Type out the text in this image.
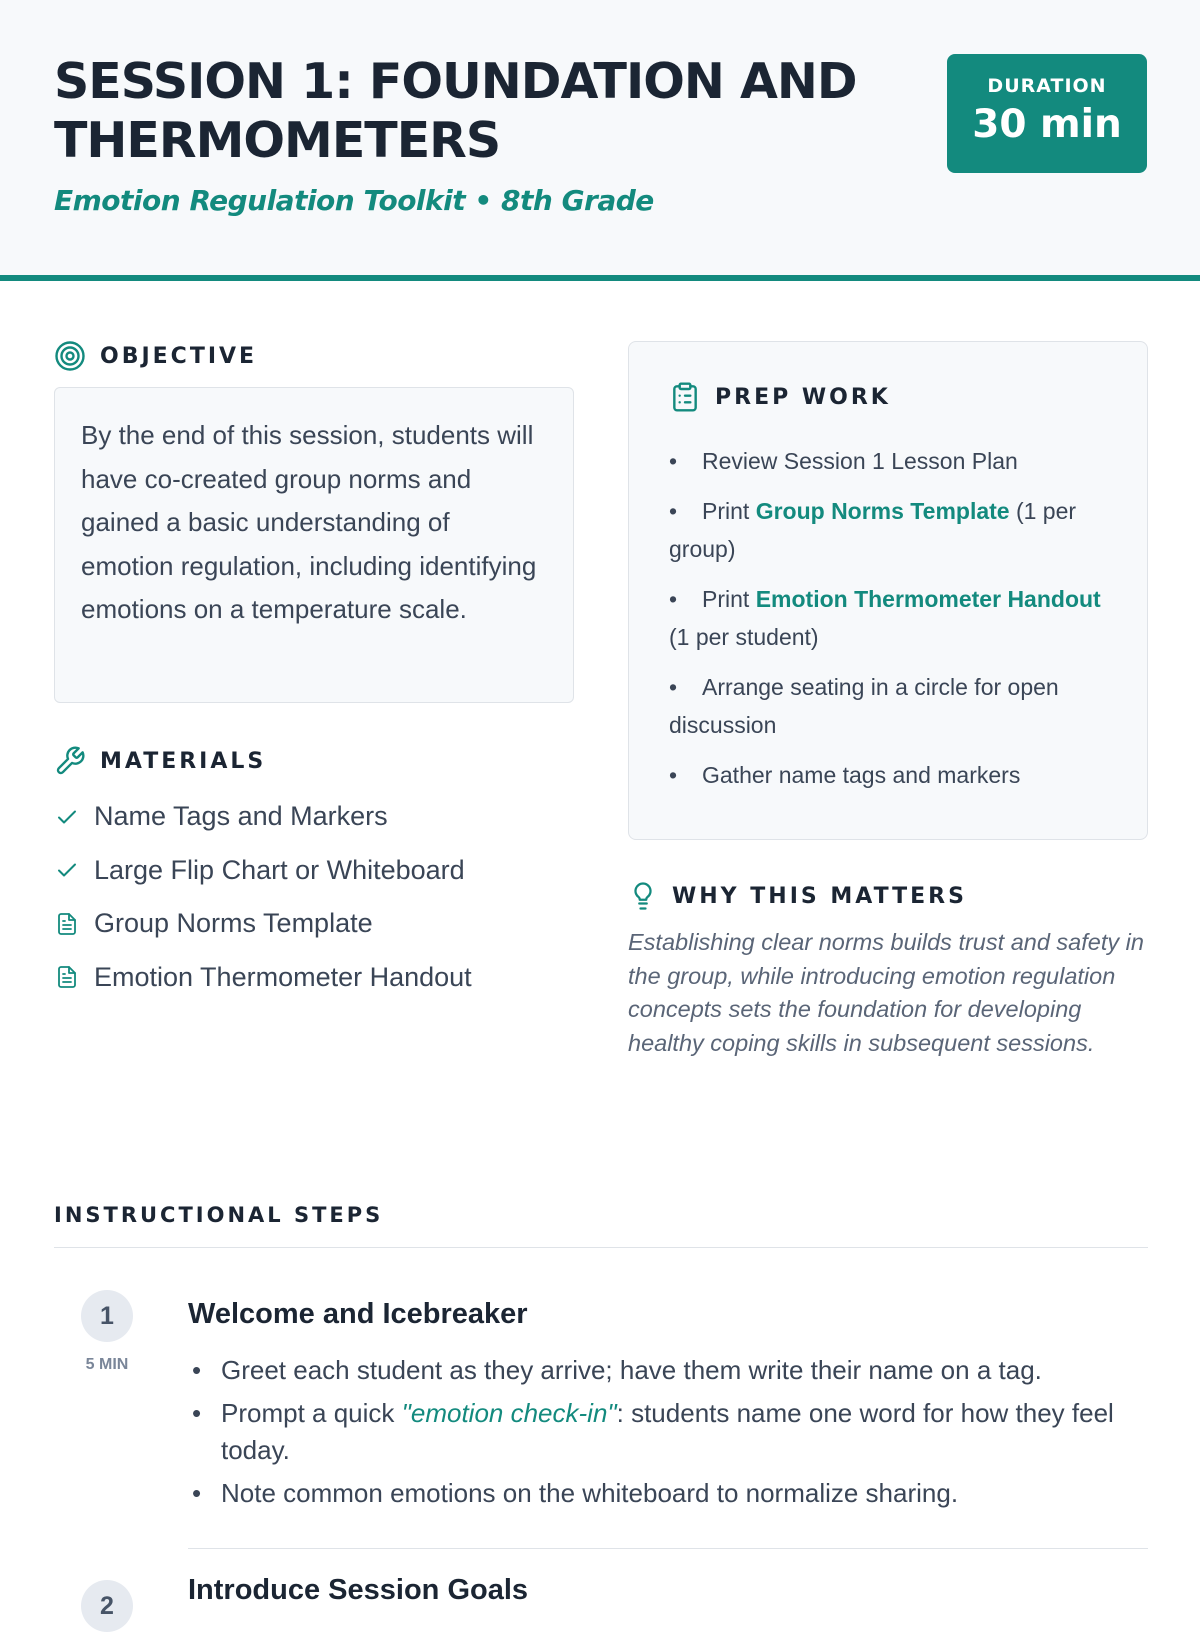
SESSION 1: FOUNDATION AND THERMOMETERS

Emotion Regulation Toolkit • 8th Grade

DURATION
30 min
OBJECTIVE
By the end of this session, students will have co-created group norms and gained a basic understanding of emotion regulation, including identifying emotions on a temperature scale.
MATERIALS
Name Tags and Markers
Large Flip Chart or Whiteboard
Group Norms Template
Emotion Thermometer Handout
PREP WORK
• Review Session 1 Lesson Plan
• Print Group Norms Template (1 per group)
• Print Emotion Thermometer Handout (1 per student)
• Arrange seating in a circle for open discussion
• Gather name tags and markers
WHY THIS MATTERS

Establishing clear norms builds trust and safety in the group, while introducing emotion regulation concepts sets the foundation for developing healthy coping skills in subsequent sessions.

INSTRUCTIONAL STEPS
1
5 MIN
Welcome and Icebreaker
• Greet each student as they arrive; have them write their name on a tag.
• Prompt a quick "emotion check-in": students name one word for how they feel today.
• Note common emotions on the whiteboard to normalize sharing.
2	Introduce Session Goals
